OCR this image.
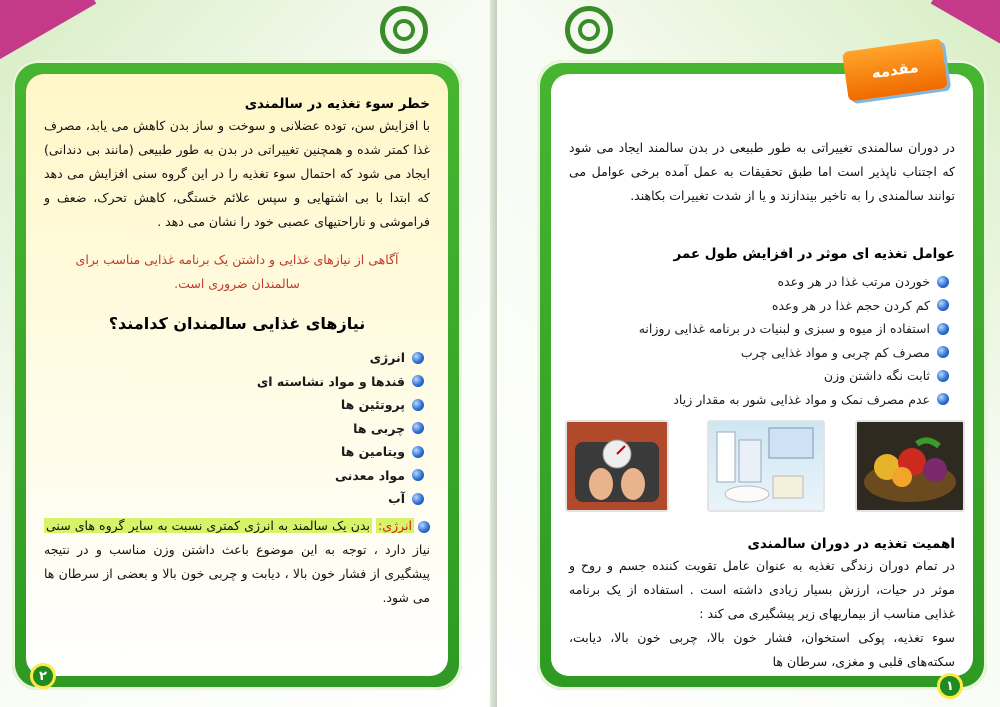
خطر سوء تغذیه در سالمندی

با افزایش سن، توده عضلانی و سوخت و ساز بدن کاهش می یابد، مصرف غذا کمتر شده و همچنین تغییراتی در بدن به طور طبیعی (مانند بی دندانی) ایجاد می شود که احتمال سوء تغذیه را در این گروه سنی افزایش می دهد که ابتدا با بی اشتهایی و سپس علائم خستگی، کاهش تحرک، ضعف و فراموشی و ناراحتیهای عصبی خود را نشان می دهد .

آگاهی از نیازهای غذایی و داشتن یک برنامه غذایی مناسب برای سالمندان ضروری است.

نیازهای غذایی سالمندان کدامند؟
انرژی
قندها و مواد نشاسته ای
پروتئین ها
چربی ها
ویتامین ها
مواد معدنی
آب

انرژی: بدن یک سالمند به انرژی کمتری نسبت به سایر گروه های سنی نیاز دارد ، توجه به این موضوع باعث داشتن وزن مناسب و در نتیجه پیشگیری از فشار خون بالا ، دیابت و چربی خون بالا و بعضی از سرطان ها می شود.

۲

در دوران سالمندی تغییراتی به طور طبیعی در بدن سالمند ایجاد می شود که اجتناب ناپذیر است اما طبق تحقیقات به عمل آمده برخی عوامل می توانند سالمندی را به تاخیر بیندازند و یا از شدت تغییرات بکاهند.

عوامل تغذیه ای موثر در افزایش طول عمر
خوردن مرتب غذا در هر وعده
کم کردن حجم غذا در هر وعده
استفاده از میوه و سبزی و لبنیات در برنامه غذایی روزانه
مصرف کم چربی و مواد غذایی چرب
ثابت نگه داشتن وزن
عدم مصرف نمک و مواد غذایی شور به مقدار زیاد
اهمیت تغذیه در دوران سالمندی

در تمام دوران زندگی تغذیه به عنوان عامل تقویت کننده جسم و روح و موثر در حیات، ارزش بسیار زیادی داشته است . استفاده از یک برنامه غذایی مناسب از بیماریهای زیر پیشگیری می کند :

سوء تغذیه، پوکی استخوان، فشار خون بالا، چربی خون بالا، دیابت، سکته‌های قلبی و مغزی، سرطان ها

۱
مقدمه
